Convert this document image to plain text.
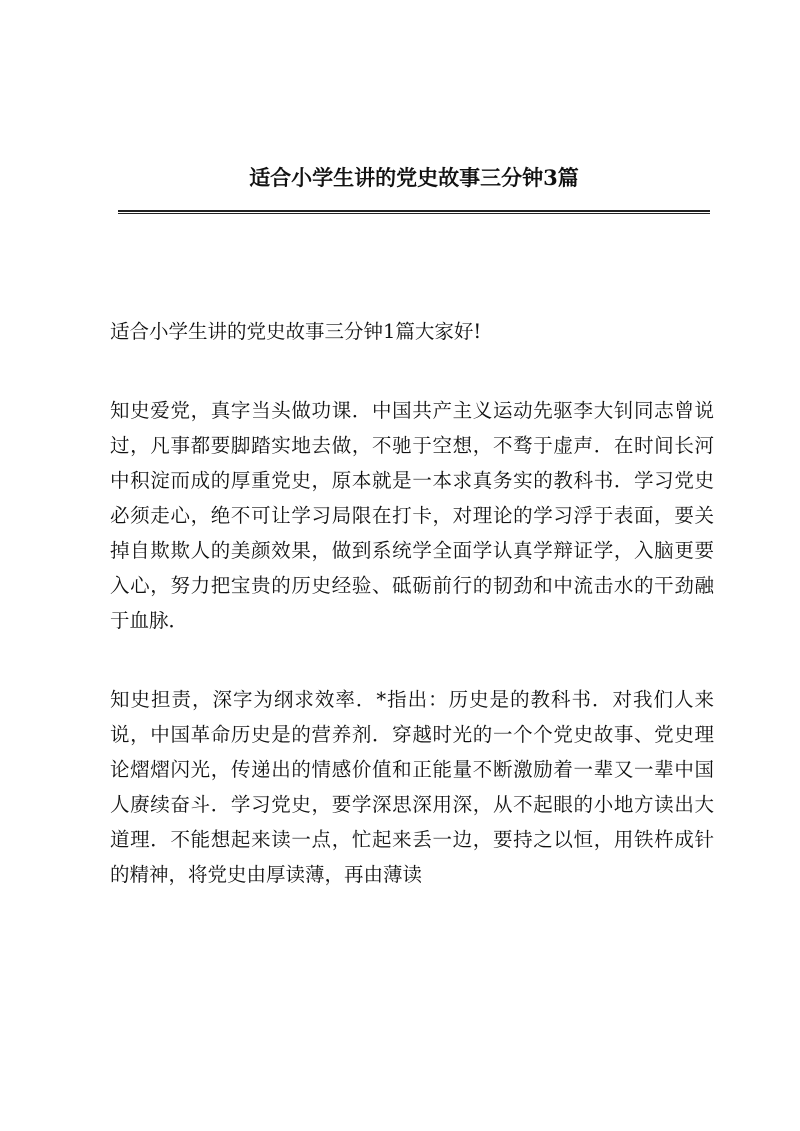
适合小学生讲的党史故事三分钟3篇

适合小学生讲的党史故事三分钟1篇大家好!

知史爱党，真字当头做功课．中国共产主义运动先驱李大钊同志曾说过，凡事都要脚踏实地去做，不驰于空想，不骛于虚声．在时间长河中积淀而成的厚重党史，原本就是一本求真务实的教科书．学习党史必须走心，绝不可让学习局限在打卡，对理论的学习浮于表面，要关掉自欺欺人的美颜效果，做到系统学全面学认真学辩证学，入脑更要入心，努力把宝贵的历史经验、砥砺前行的韧劲和中流击水的干劲融于血脉．

知史担责，深字为纲求效率．*指出：历史是的教科书．对我们人来说，中国革命历史是的营养剂．穿越时光的一个个党史故事、党史理论熠熠闪光，传递出的情感价值和正能量不断激励着一辈又一辈中国人赓续奋斗．学习党史，要学深思深用深，从不起眼的小地方读出大道理．不能想起来读一点，忙起来丢一边，要持之以恒，用铁杵成针的精神，将党史由厚读薄，再由薄读
